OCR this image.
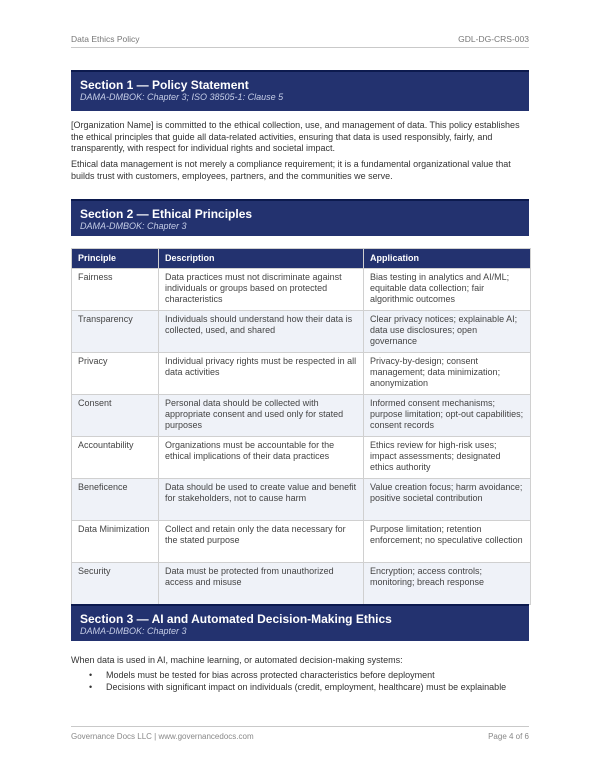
Data Ethics Policy	GDL-DG-CRS-003
Section 1 — Policy Statement
DAMA-DMBOK: Chapter 3; ISO 38505-1: Clause 5
[Organization Name] is committed to the ethical collection, use, and management of data. This policy establishes the ethical principles that guide all data-related activities, ensuring that data is used responsibly, fairly, and transparently, with respect for individual rights and societal impact.
Ethical data management is not merely a compliance requirement; it is a fundamental organizational value that builds trust with customers, employees, partners, and the communities we serve.
Section 2 — Ethical Principles
DAMA-DMBOK: Chapter 3
Principle	Description	Application
Fairness	Data practices must not discriminate against individuals or groups based on protected characteristics	Bias testing in analytics and AI/ML; equitable data collection; fair algorithmic outcomes
Transparency	Individuals should understand how their data is collected, used, and shared	Clear privacy notices; explainable AI; data use disclosures; open governance
Privacy	Individual privacy rights must be respected in all data activities	Privacy-by-design; consent management; data minimization; anonymization
Consent	Personal data should be collected with appropriate consent and used only for stated purposes	Informed consent mechanisms; purpose limitation; opt-out capabilities; consent records
Accountability	Organizations must be accountable for the ethical implications of their data practices	Ethics review for high-risk uses; impact assessments; designated ethics authority
Beneficence	Data should be used to create value and benefit for stakeholders, not to cause harm	Value creation focus; harm avoidance; positive societal contribution
Data Minimization	Collect and retain only the data necessary for the stated purpose	Purpose limitation; retention enforcement; no speculative collection
Security	Data must be protected from unauthorized access and misuse	Encryption; access controls; monitoring; breach response
Section 3 — AI and Automated Decision-Making Ethics
DAMA-DMBOK: Chapter 3
When data is used in AI, machine learning, or automated decision-making systems:
• Models must be tested for bias across protected characteristics before deployment
• Decisions with significant impact on individuals (credit, employment, healthcare) must be explainable
Governance Docs LLC | www.governancedocs.com	Page 4 of 6
